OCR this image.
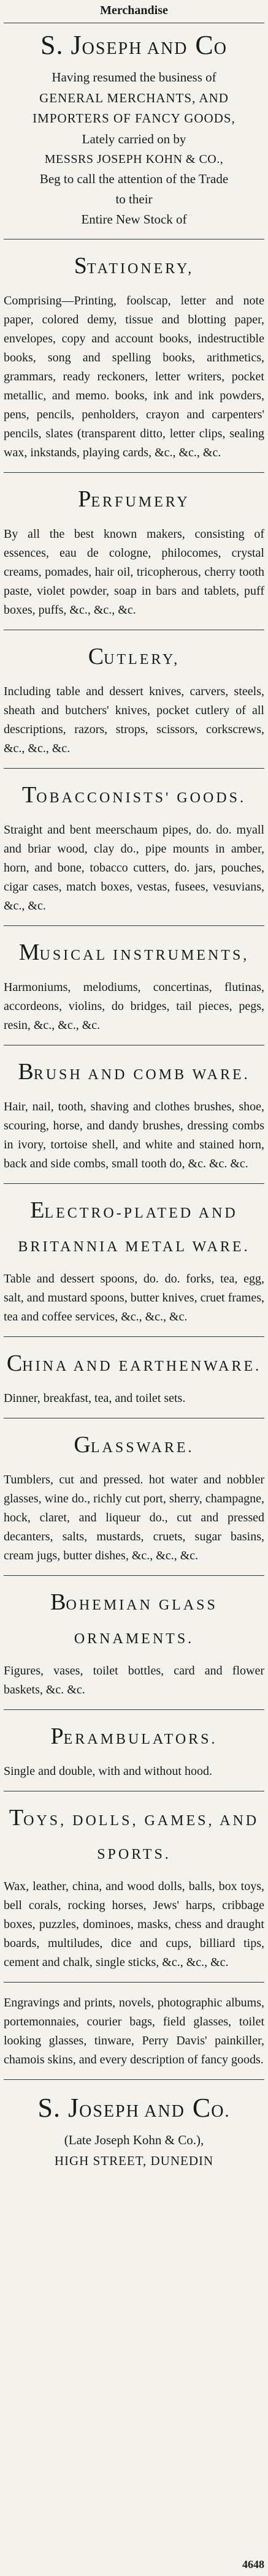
Merchandise
S. JOSEPH AND CO
Having resumed the business of
GENERAL MERCHANTS, AND
IMPORTERS OF FANCY GOODS,
Lately carried on by
MESSRS JOSEPH KOHN & CO.,
Beg to call the attention of the Trade
to their
Entire New Stock of
STATIONERY,

Comprising—Printing, foolscap, letter and note paper, colored demy, tissue and blotting paper, envelopes, copy and account books, indestructible books, song and spelling books, arithmetics, grammars, ready reckoners, letter writers, pocket metallic, and memo. books, ink and ink powders, pens, pencils, penholders, crayon and carpenters' pencils, slates (transparent ditto, letter clips, sealing wax, inkstands, playing cards, &c., &c., &c.

PERFUMERY

By all the best known makers, consisting of essences, eau de cologne, philocomes, crystal creams, pomades, hair oil, tricopherous, cherry tooth paste, violet powder, soap in bars and tablets, puff boxes, puffs, &c., &c., &c.

CUTLERY,

Including table and dessert knives, carvers, steels, sheath and butchers' knives, pocket cutlery of all descriptions, razors, strops, scissors, corkscrews, &c., &c., &c.

TOBACCONISTS' GOODS.

Straight and bent meerschaum pipes, do. do. myall and briar wood, clay do., pipe mounts in amber, horn, and bone, tobacco cutters, do. jars, pouches, cigar cases, match boxes, vestas, fusees, vesuvians, &c., &c.

MUSICAL INSTRUMENTS,

Harmoniums, melodiums, concertinas, flutinas, accordeons, violins, do bridges, tail pieces, pegs, resin, &c., &c., &c.

BRUSH AND COMB WARE.

Hair, nail, tooth, shaving and clothes brushes, shoe, scouring, horse, and dandy brushes, dressing combs in ivory, tortoise shell, and white and stained horn, back and side combs, small tooth do, &c. &c. &c.

ELECTRO-PLATED AND BRITANNIA METAL WARE.

Table and dessert spoons, do. do. forks, tea, egg, salt, and mustard spoons, butter knives, cruet frames, tea and coffee services, &c., &c., &c.

CHINA AND EARTHENWARE.

Dinner, breakfast, tea, and toilet sets.

GLASSWARE.

Tumblers, cut and pressed. hot water and nobbler glasses, wine do., richly cut port, sherry, champagne, hock, claret, and liqueur do., cut and pressed decanters, salts, mustards, cruets, sugar basins, cream jugs, butter dishes, &c., &c., &c.

BOHEMIAN GLASS ORNAMENTS.

Figures, vases, toilet bottles, card and flower baskets, &c. &c.

PERAMBULATORS.

Single and double, with and without hood.

TOYS, DOLLS, GAMES, AND SPORTS.

Wax, leather, china, and wood dolls, balls, box toys, bell corals, rocking horses, Jews' harps, cribbage boxes, puzzles, dominoes, masks, chess and draught boards, multiludes, dice and cups, billiard tips, cement and chalk, single sticks, &c., &c., &c.

Engravings and prints, novels, photographic albums, portemonnaies, courier bags, field glasses, toilet looking glasses, tinware, Perry Davis' painkiller, chamois skins, and every description of fancy goods.

S. JOSEPH AND CO.
(Late Joseph Kohn & Co.),
HIGH STREET, DUNEDIN
4648
